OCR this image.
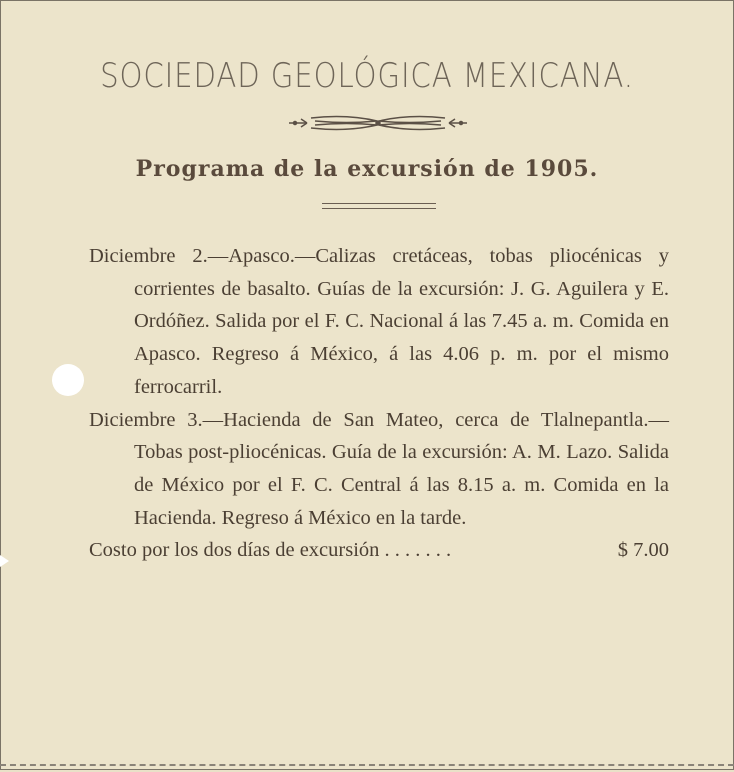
SOCIEDAD GEOLÓGICA MEXICANA.
Programa de la excursión de 1905.
Diciembre 2.—Apasco.—Calizas cretáceas, tobas pliocénicas y corrientes de basalto. Guías de la excursión: J. G. Aguilera y E. Ordóñez. Salida por el F. C. Nacional á las 7.45 a. m. Comida en Apasco. Regreso á México, á las 4.06 p. m. por el mismo ferrocarril.
Diciembre 3.—Hacienda de San Mateo, cerca de Tlalnepantla.—Tobas post-pliocénicas. Guía de la excursión: A. M. Lazo. Salida de México por el F. C. Central á las 8.15 a. m. Comida en la Hacienda. Regreso á México en la tarde.
Costo por los dos días de excursión . . . . . . .	$ 7.00
